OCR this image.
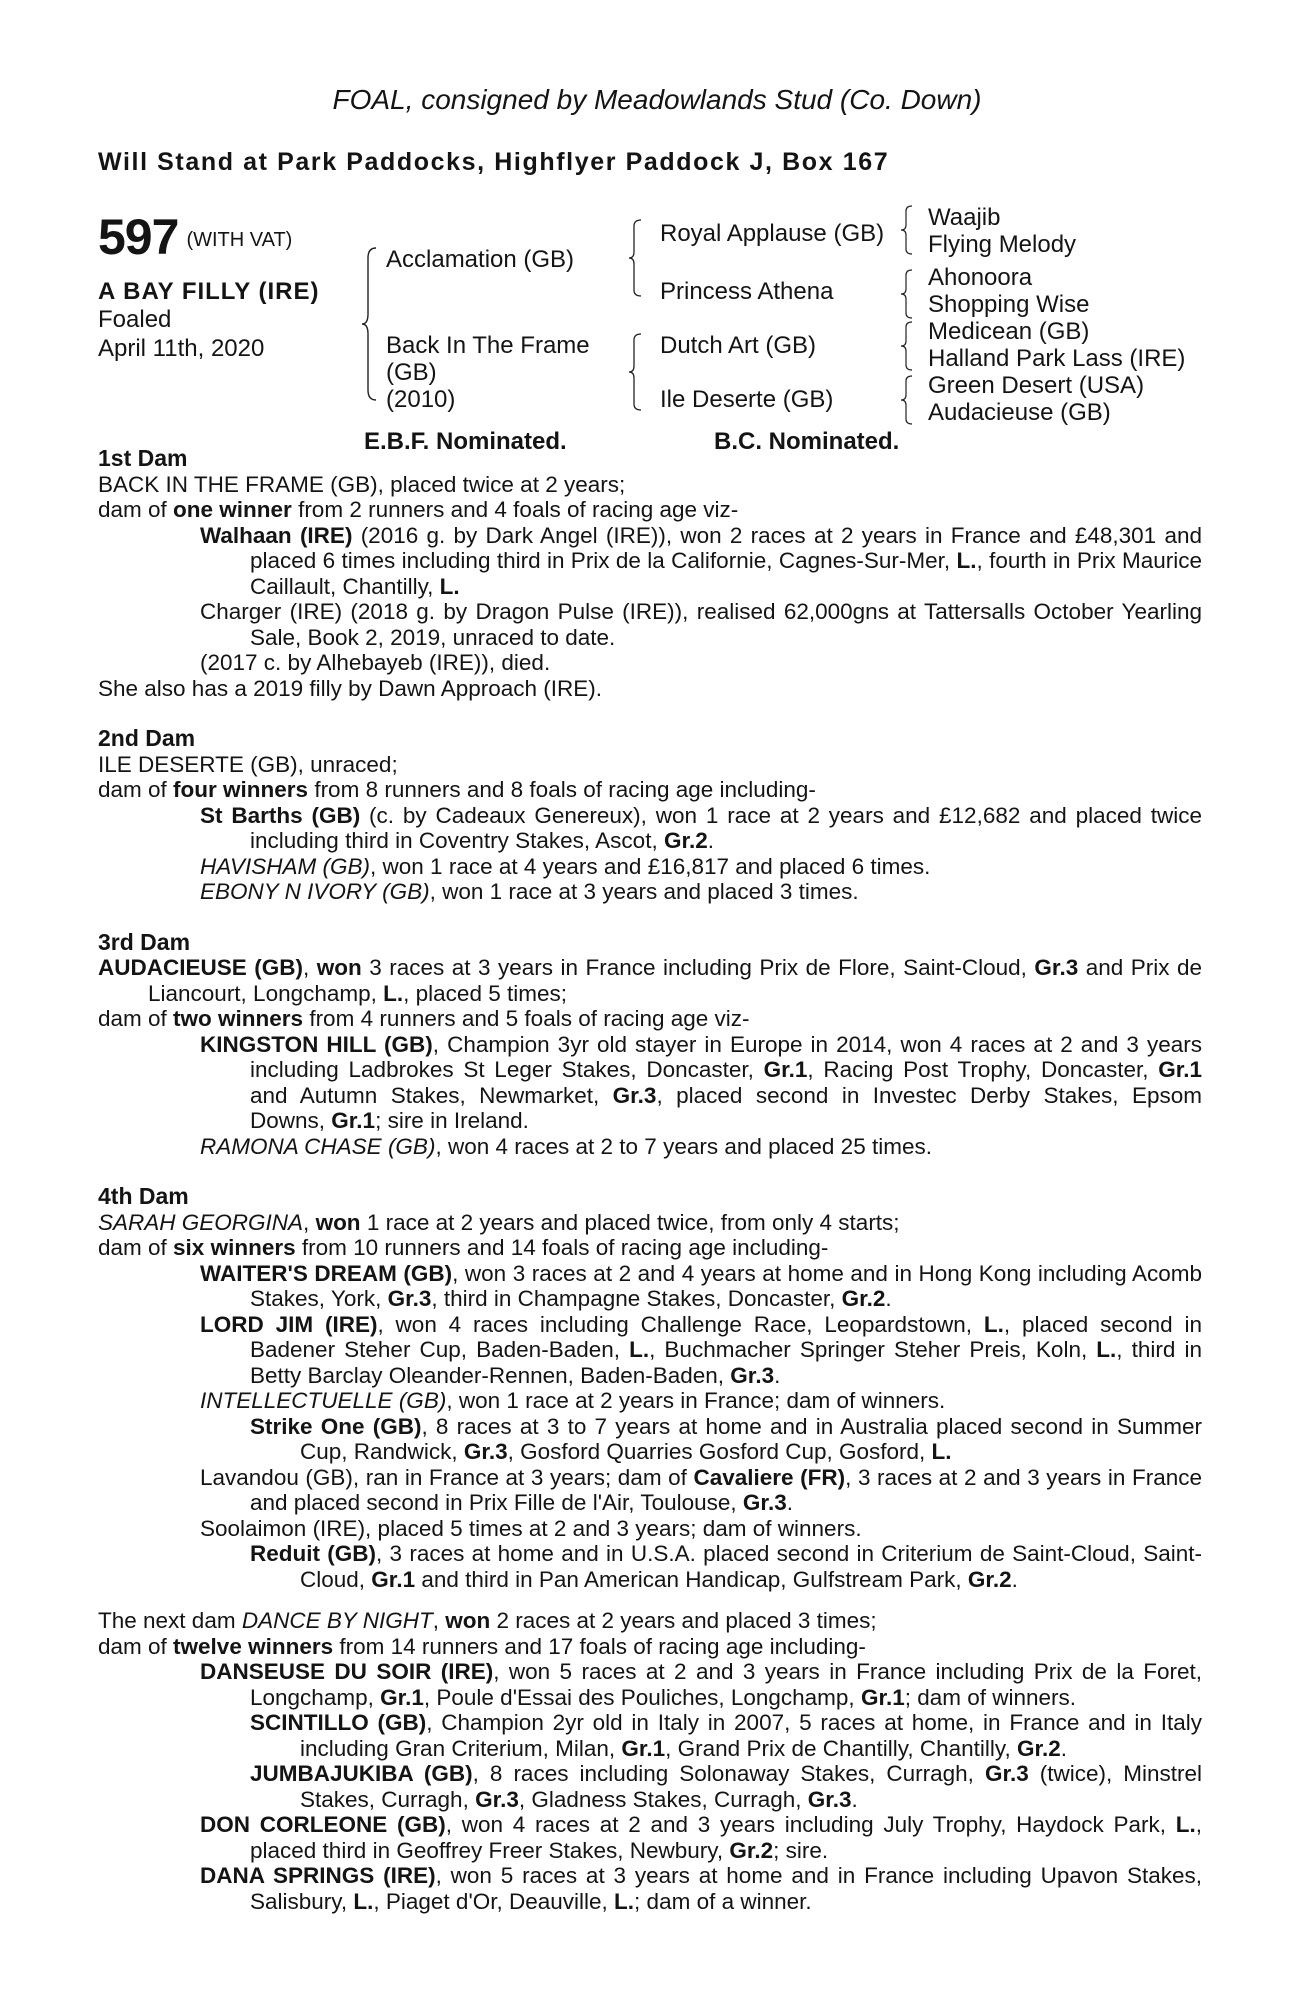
FOAL, consigned by Meadowlands Stud (Co. Down)
Will Stand at Park Paddocks, Highflyer Paddock J, Box 167
597 (WITH VAT)
A BAY FILLY (IRE)
Foaled
April 11th, 2020
Acclamation (GB)
Back In The Frame
(GB)
(2010)
Royal Applause (GB)
Princess Athena
Dutch Art (GB)
Ile Deserte (GB)
Waajib
Flying Melody
Ahonoora
Shopping Wise
Medicean (GB)
Halland Park Lass (IRE)
Green Desert (USA)
Audacieuse (GB)
E.B.F. Nominated.	B.C. Nominated.

1st Dam

BACK IN THE FRAME (GB), placed twice at 2 years;

dam of one winner from 2 runners and 4 foals of racing age viz-

Walhaan (IRE) (2016 g. by Dark Angel (IRE)), won 2 races at 2 years in France and £48,301 and placed 6 times including third in Prix de la Californie, Cagnes-Sur-Mer, L., fourth in Prix Maurice Caillault, Chantilly, L.

Charger (IRE) (2018 g. by Dragon Pulse (IRE)), realised 62,000gns at Tattersalls October Yearling Sale, Book 2, 2019, unraced to date.

(2017 c. by Alhebayeb (IRE)), died.

She also has a 2019 filly by Dawn Approach (IRE).

2nd Dam

ILE DESERTE (GB), unraced;

dam of four winners from 8 runners and 8 foals of racing age including-

St Barths (GB) (c. by Cadeaux Genereux), won 1 race at 2 years and £12,682 and placed twice including third in Coventry Stakes, Ascot, Gr.2.

HAVISHAM (GB), won 1 race at 4 years and £16,817 and placed 6 times.

EBONY N IVORY (GB), won 1 race at 3 years and placed 3 times.

3rd Dam

AUDACIEUSE (GB), won 3 races at 3 years in France including Prix de Flore, Saint-Cloud, Gr.3 and Prix de Liancourt, Longchamp, L., placed 5 times;

dam of two winners from 4 runners and 5 foals of racing age viz-

KINGSTON HILL (GB), Champion 3yr old stayer in Europe in 2014, won 4 races at 2 and 3 years including Ladbrokes St Leger Stakes, Doncaster, Gr.1, Racing Post Trophy, Doncaster, Gr.1 and Autumn Stakes, Newmarket, Gr.3, placed second in Investec Derby Stakes, Epsom Downs, Gr.1; sire in Ireland.

RAMONA CHASE (GB), won 4 races at 2 to 7 years and placed 25 times.

4th Dam

SARAH GEORGINA, won 1 race at 2 years and placed twice, from only 4 starts;

dam of six winners from 10 runners and 14 foals of racing age including-

WAITER'S DREAM (GB), won 3 races at 2 and 4 years at home and in Hong Kong including Acomb Stakes, York, Gr.3, third in Champagne Stakes, Doncaster, Gr.2.

LORD JIM (IRE), won 4 races including Challenge Race, Leopardstown, L., placed second in Badener Steher Cup, Baden-Baden, L., Buchmacher Springer Steher Preis, Koln, L., third in Betty Barclay Oleander-Rennen, Baden-Baden, Gr.3.

INTELLECTUELLE (GB), won 1 race at 2 years in France; dam of winners.

Strike One (GB), 8 races at 3 to 7 years at home and in Australia placed second in Summer Cup, Randwick, Gr.3, Gosford Quarries Gosford Cup, Gosford, L.

Lavandou (GB), ran in France at 3 years; dam of Cavaliere (FR), 3 races at 2 and 3 years in France and placed second in Prix Fille de l'Air, Toulouse, Gr.3.

Soolaimon (IRE), placed 5 times at 2 and 3 years; dam of winners.

Reduit (GB), 3 races at home and in U.S.A. placed second in Criterium de Saint-Cloud, Saint-Cloud, Gr.1 and third in Pan American Handicap, Gulfstream Park, Gr.2.

The next dam DANCE BY NIGHT, won 2 races at 2 years and placed 3 times;

dam of twelve winners from 14 runners and 17 foals of racing age including-

DANSEUSE DU SOIR (IRE), won 5 races at 2 and 3 years in France including Prix de la Foret, Longchamp, Gr.1, Poule d'Essai des Pouliches, Longchamp, Gr.1; dam of winners.

SCINTILLO (GB), Champion 2yr old in Italy in 2007, 5 races at home, in France and in Italy including Gran Criterium, Milan, Gr.1, Grand Prix de Chantilly, Chantilly, Gr.2.

JUMBAJUKIBA (GB), 8 races including Solonaway Stakes, Curragh, Gr.3 (twice), Minstrel Stakes, Curragh, Gr.3, Gladness Stakes, Curragh, Gr.3.

DON CORLEONE (GB), won 4 races at 2 and 3 years including July Trophy, Haydock Park, L., placed third in Geoffrey Freer Stakes, Newbury, Gr.2; sire.

DANA SPRINGS (IRE), won 5 races at 3 years at home and in France including Upavon Stakes, Salisbury, L., Piaget d'Or, Deauville, L.; dam of a winner.
